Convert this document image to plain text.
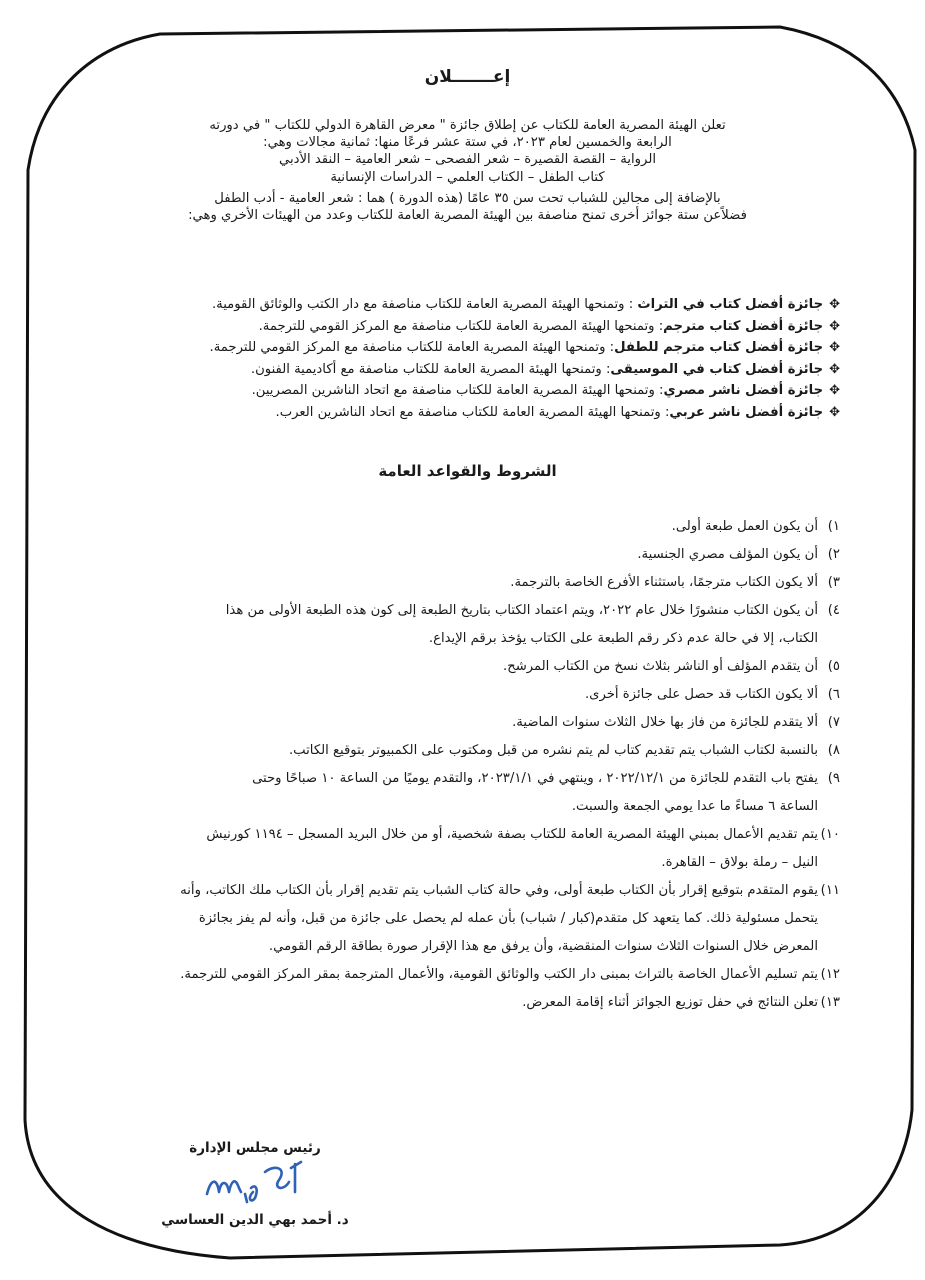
إعـــــــلان
تعلن الهيئة المصرية العامة للكتاب عن إطلاق جائزة " معرض القاهرة الدولي للكتاب " في دورته
الرابعة والخمسين لعام ٢٠٢٣، في ستة عشر فرعًا منها: ثمانية مجالات وهي:
الرواية – القصة القصيرة – شعر الفصحى – شعر العامية – النقد الأدبي
كتاب الطفل – الكتاب العلمي – الدراسات الإنسانية
بالإضافة إلى مجالين للشباب تحت سن ٣٥ عامًا (هذه الدورة ) هما : شعر العامية - أدب الطفل
فضلاًعن ستة جوائز أخرى تمنح مناصفة بين الهيئة المصرية العامة للكتاب وعدد من الهيئات الأخري وهي:
✥جائزة أفضل كتاب في التراث : وتمنحها الهيئة المصرية العامة للكتاب مناصفة مع دار الكتب والوثائق القومية.
✥جائزة أفضل كتاب مترجم: وتمنحها الهيئة المصرية العامة للكتاب مناصفة مع المركز القومي للترجمة.
✥جائزة أفضل كتاب مترجم للطفل: وتمنحها الهيئة المصرية العامة للكتاب مناصفة مع المركز القومي للترجمة.
✥جائزة أفضل كتاب في الموسيقى: وتمنحها الهيئة المصرية العامة للكتاب مناصفة مع أكاديمية الفنون.
✥جائزة أفضل ناشر مصري: وتمنحها الهيئة المصرية العامة للكتاب مناصفة مع اتحاد الناشرين المصريين.
✥جائزة أفضل ناشر عربي: وتمنحها الهيئة المصرية العامة للكتاب مناصفة مع اتحاد الناشرين العرب.
الشروط والقواعد العامة
١)
أن يكون العمل طبعة أولى.
٢)
أن يكون المؤلف مصري الجنسية.
٣)
ألا يكون الكتاب مترجمًا، باستثناء الأفرع الخاصة بالترجمة.
٤)
أن يكون الكتاب منشورًا خلال عام ٢٠٢٢، ويتم اعتماد الكتاب بتاريخ الطبعة إلى كون هذه الطبعة الأولى من هذا
الكتاب، إلا في حالة عدم ذكر رقم الطبعة على الكتاب يؤخذ برقم الإيداع.
٥)
أن يتقدم المؤلف أو الناشر بثلاث نسخ من الكتاب المرشح.
٦)
ألا يكون الكتاب قد حصل على جائزة أخرى.
٧)
ألا يتقدم للجائزة من فاز بها خلال الثلاث سنوات الماضية.
٨)
بالنسبة لكتاب الشباب يتم تقديم كتاب لم يتم نشره من قبل ومكتوب على الكمبيوتر بتوقيع الكاتب.
٩)
يفتح باب التقدم للجائزة من ٢٠٢٢/١٢/١ ، وينتهي في ٢٠٢٣/١/١، والتقدم يوميًا من الساعة ١٠ صباحًا وحتى
الساعة ٦ مساءً ما عدا يومي الجمعة والسبت.
١٠)
يتم تقديم الأعمال بمبني الهيئة المصرية العامة للكتاب بصفة شخصية، أو من خلال البريد المسجل – ١١٩٤ كورنيش
النيل – رملة بولاق – القاهرة.
١١)
يقوم المتقدم بتوقيع إقرار بأن الكتاب طبعة أولى، وفي حالة كتاب الشباب يتم تقديم إقرار بأن الكتاب ملك الكاتب، وأنه
يتحمل مسئولية ذلك. كما يتعهد كل متقدم(كبار / شباب) بأن عمله لم يحصل على جائزة من قبل، وأنه لم يفز بجائزة
المعرض خلال السنوات الثلاث سنوات المنقضية، وأن يرفق مع هذا الإقرار صورة بطاقة الرقم القومي.
١٢)
يتم تسليم الأعمال الخاصة بالتراث بمبنى دار الكتب والوثائق القومية، والأعمال المترجمة بمقر المركز القومي للترجمة.
١٣)
تعلن النتائج في حفل توزيع الجوائز أثناء إقامة المعرض.
رئيس مجلس الإدارة
د. أحمد بهي الدين العساسي
